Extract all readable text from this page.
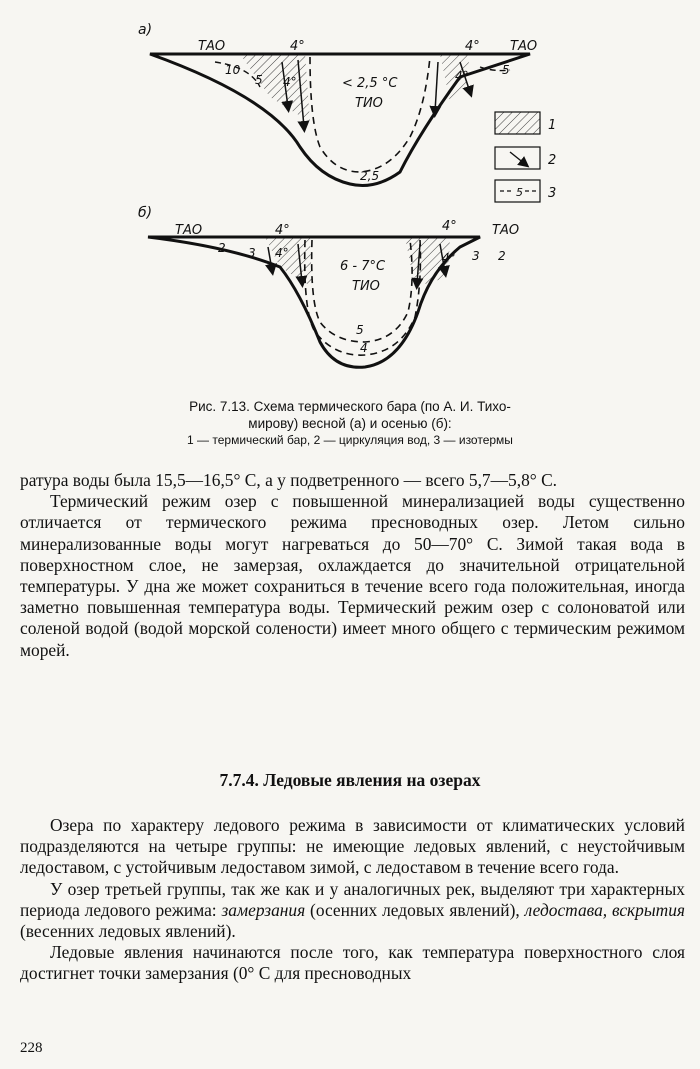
а)
ТАО	4°	4° ТАО
10
5 4°	4°	5
< 2,5 °С
ТИО
2,5
1
2
5 3
б)
ТАО	4°	4°	ТАО
2 3 4°	4° 3 2
6 - 7°С
ТИО
5
4
Рис. 7.13. Схема термического бара (по А. И. Тихо-
мирову) весной (а) и осенью (б):
1 — термический бар, 2 — циркуляция вод, 3 — изотермы

ратура воды была 15,5—16,5° С, а у подветренного — всего 5,7—5,8° С.

Термический режим озер с повышенной минерализацией воды существенно отличается от термического режима пресноводных озер. Летом сильно минерализованные воды могут нагреваться до 50—70° С. Зимой такая вода в поверхностном слое, не замерзая, охлаждается до значительной отрицательной температуры. У дна же может сохраниться в течение всего года положительная, иногда заметно повышенная температура воды. Термический режим озер с солоноватой или соленой водой (водой морской солености) имеет много общего с термическим режимом морей.

7.7.4. Ледовые явления на озерах

Озера по характеру ледового режима в зависимости от климатических условий подразделяются на четыре группы: не имеющие ледовых явлений, с неустойчивым ледоставом, с устойчивым ледоставом зимой, с ледоставом в течение всего года.

У озер третьей группы, так же как и у аналогичных рек, выделяют три характерных периода ледового режима: замерзания (осенних ледовых явлений), ледостава, вскрытия (весенних ледовых явлений).

Ледовые явления начинаются после того, как температура поверхностного слоя достигнет точки замерзания (0° С для пресноводных

228
